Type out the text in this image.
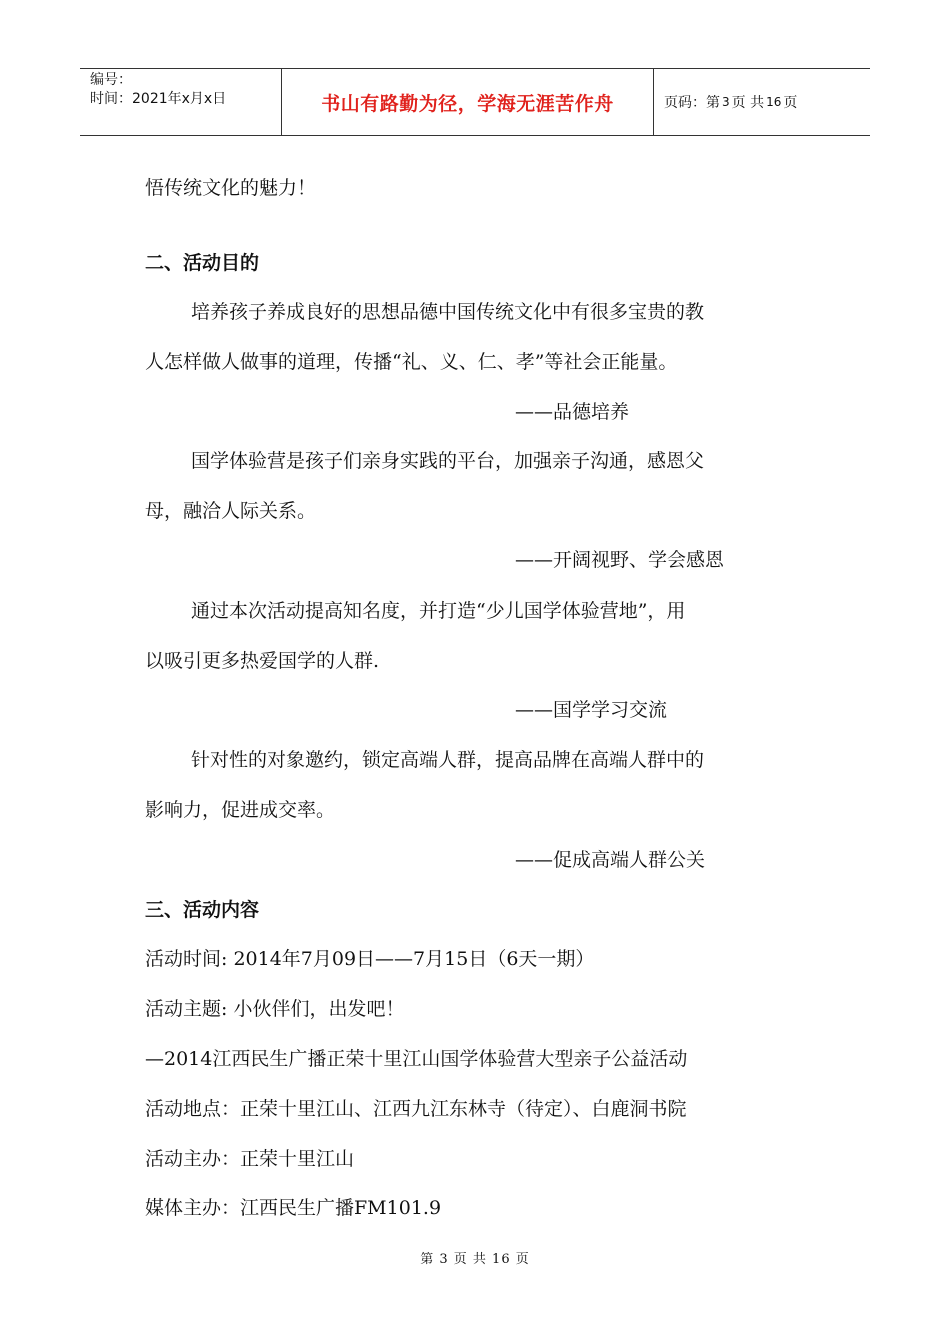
编号：
时间：2021年x月x日	书山有路勤为径，学海无涯苦作舟	页码：第 3 页 共 16 页
悟传统文化的魅力！
二、活动目的
培养孩子养成良好的思想品德中国传统文化中有很多宝贵的教
人怎样做人做事的道理，传播“礼、义、仁、孝”等社会正能量。
——品德培养
国学体验营是孩子们亲身实践的平台，加强亲子沟通，感恩父
母，融洽人际关系。
——开阔视野、学会感恩
通过本次活动提高知名度，并打造“少儿国学体验营地”，用
以吸引更多热爱国学的人群.
——国学学习交流
针对性的对象邀约，锁定高端人群，提高品牌在高端人群中的
影响力，促进成交率。
——促成高端人群公关
三、活动内容
活动时间: 2014年7月09日——7月15日（6天一期）
活动主题: 小伙伴们，出发吧！
—2014江西民生广播正荣十里江山国学体验营大型亲子公益活动
活动地点：正荣十里江山、江西九江东林寺（待定）、白鹿洞书院
活动主办：正荣十里江山
媒体主办：江西民生广播FM101.9
第 3 页 共 16 页
